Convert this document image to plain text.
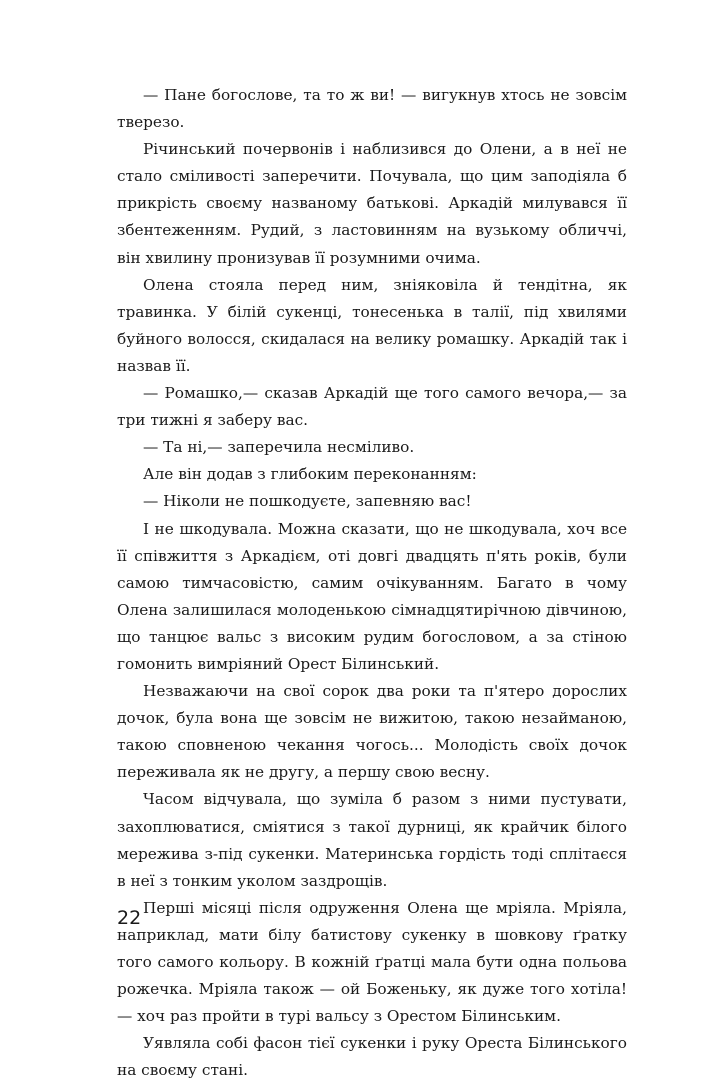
— Пане богослове, та то ж ви! — вигукнув хтось не зовсім тверезо.

Річинський почервонів і наблизився до Олени, а в неї не стало сміливості заперечити. Почувала, що цим заподіяла б прикрість своєму названому батькові. Аркадій милувався її збентеженням. Рудий, з ластовинням на вузькому обличчі, він хвилину пронизував її розумними очима.

Олена стояла перед ним, зніяковіла й тендітна, як травинка. У білій сукенці, тонесенька в талії, під хвилями буйного волосся, скидалася на велику ромашку. Аркадій так і назвав її.

— Ромашко,— сказав Аркадій ще того самого вечора,— за три тижні я заберу вас.

— Та ні,— заперечила несміливо.

Але він додав з глибоким переконанням:

— Ніколи не пошкодуєте, запевняю вас!

І не шкодувала. Можна сказати, що не шкодувала, хоч все її співжиття з Аркадієм, оті довгі двадцять п'ять років, були самою тимчасовістю, самим очікуванням. Багато в чому Олена залишилася молоденькою сімнадцятирічною дівчиною, що танцює вальс з високим рудим богословом, а за стіною гомонить вимріяний Орест Білинський.

Незважаючи на свої сорок два роки та п'ятеро дорослих дочок, була вона ще зовсім не вижитою, такою незайманою, такою сповненою чекання чогось... Молодість своїх дочок переживала як не другу, а першу свою весну.

Часом відчувала, що зуміла б разом з ними пустувати, захоплюватися, сміятися з такої дурниці, як крайчик білого мережива з-під сукенки. Материнська гордість тоді сплітаєся в неї з тонким уколом заздрощів.

Перші місяці після одруження Олена ще мріяла. Мріяла, наприклад, мати білу батистову сукенку в шовкову ґратку того самого кольору. В кожній ґратці мала бути одна польова рожечка. Мріяла також — ой Боженьку, як дуже того хотіла! — хоч раз пройти в турі вальсу з Орестом Білинським.

Уявляла собі фасон тієї сукенки і руку Ореста Білинського на своєму стані.

22
